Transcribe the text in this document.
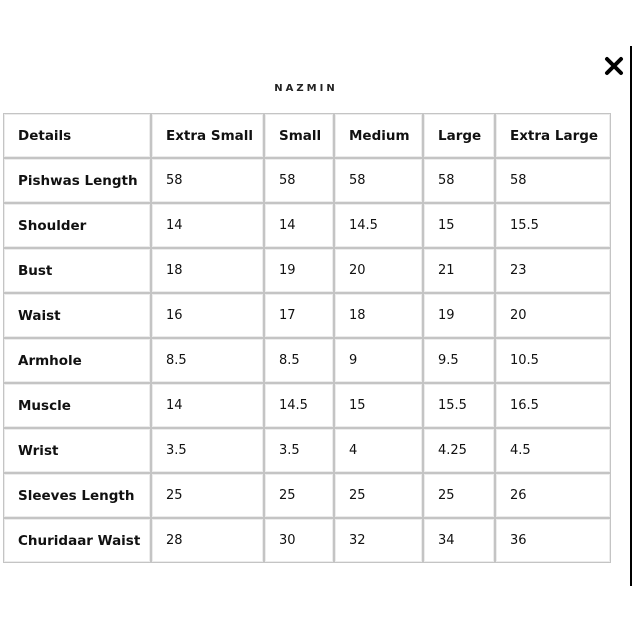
NAZMIN
Details	Extra Small	Small	Medium	Large	Extra Large
Pishwas Length	58	58	58	58	58
Shoulder	14	14	14.5	15	15.5
Bust	18	19	20	21	23
Waist	16	17	18	19	20
Armhole	8.5	8.5	9	9.5	10.5
Muscle	14	14.5	15	15.5	16.5
Wrist	3.5	3.5	4	4.25	4.5
Sleeves Length	25	25	25	25	26
Churidaar Waist	28	30	32	34	36
